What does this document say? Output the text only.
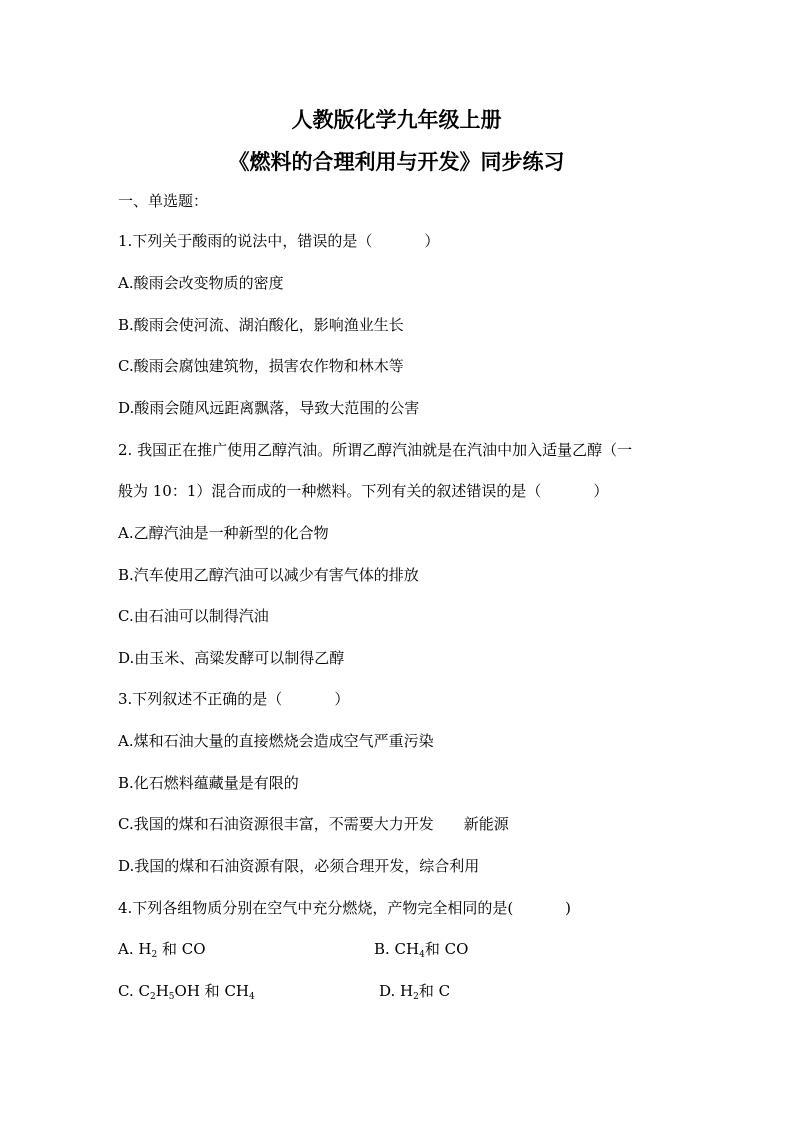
人教版化学九年级上册
《燃料的合理利用与开发》同步练习

一、单选题：

1.下列关于酸雨的说法中，错误的是（	）

A.酸雨会改变物质的密度

B.酸雨会使河流、湖泊酸化，影响渔业生长

C.酸雨会腐蚀建筑物，损害农作物和林木等

D.酸雨会随风远距离飘落，导致大范围的公害

2. 我国正在推广使用乙醇汽油。所谓乙醇汽油就是在汽油中加入适量乙醇（一

般为 10：1）混合而成的一种燃料。下列有关的叙述错误的是（	）

A.乙醇汽油是一种新型的化合物

B.汽车使用乙醇汽油可以减少有害气体的排放

C.由石油可以制得汽油

D.由玉米、高粱发酵可以制得乙醇

3.下列叙述不正确的是（	）

A.煤和石油大量的直接燃烧会造成空气严重污染

B.化石燃料蕴藏量是有限的

C.我国的煤和石油资源很丰富，不需要大力开发 新能源

D.我国的煤和石油资源有限，必须合理开发，综合利用

4.下列各组物质分别在空气中充分燃烧，产物完全相同的是(	)

A. $H_2$ 和 CO	B. $CH_4$和 CO
C. $C_2H_5OH$ 和 $CH_4$	D. $H_2$和 C
